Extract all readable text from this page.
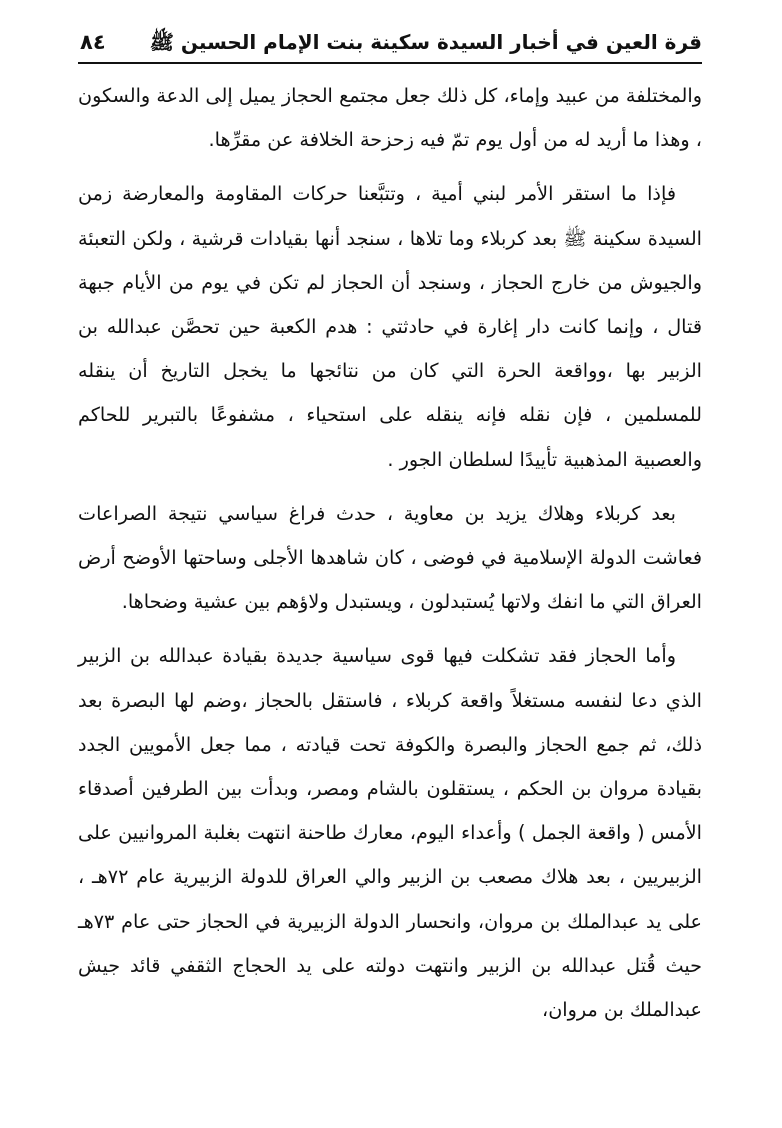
قرة العين في أخبار السيدة سكينة بنت الإمام الحسين ﷺ
٨٤

والمختلفة من عبيد وإماء، كل ذلك جعل مجتمع الحجاز يميل إلى الدعة والسكون ، وهذا ما أريد له من أول يوم تمّ فيه زحزحة الخلافة عن مقرِّها.

فإذا ما استقر الأمر لبني أمية ، وتتبَّعنا حركات المقاومة والمعارضة زمن السيدة سكينة ﷺ بعد كربلاء وما تلاها ، سنجد أنها بقيادات قرشية ، ولكن التعبئة والجيوش من خارج الحجاز ، وسنجد أن الحجاز لم تكن في يوم من الأيام جبهة قتال ، وإنما كانت دار إغارة في حادثتي : هدم الكعبة حين تحصَّن عبدالله بن الزبير بها ،وواقعة الحرة التي كان من نتائجها ما يخجل التاريخ أن ينقله للمسلمين ، فإن نقله فإنه ينقله على استحياء ، مشفوعًا بالتبرير للحاكم والعصبية المذهبية تأييدًا لسلطان الجور .

بعد كربلاء وهلاك يزيد بن معاوية ، حدث فراغ سياسي نتيجة الصراعات فعاشت الدولة الإسلامية في فوضى ، كان شاهدها الأجلى وساحتها الأوضح أرض العراق التي ما انفك ولاتها يُستبدلون ، ويستبدل ولاؤهم بين عشية وضحاها.

وأما الحجاز فقد تشكلت فيها قوى سياسية جديدة بقيادة عبدالله بن الزبير الذي دعا لنفسه مستغلاً واقعة كربلاء ، فاستقل بالحجاز ،وضم لها البصرة بعد ذلك، ثم جمع الحجاز والبصرة والكوفة تحت قيادته ، مما جعل الأمويين الجدد بقيادة مروان بن الحكم ، يستقلون بالشام ومصر، وبدأت بين الطرفين أصدقاء الأمس ( واقعة الجمل ) وأعداء اليوم، معارك طاحنة انتهت بغلبة المروانيين على الزبيريين ، بعد هلاك مصعب بن الزبير والي العراق للدولة الزبيرية عام ٧٢هـ ، على يد عبدالملك بن مروان، وانحسار الدولة الزبيرية في الحجاز حتى عام ٧٣هـ حيث قُتل عبدالله بن الزبير وانتهت دولته على يد الحجاج الثقفي قائد جيش عبدالملك بن مروان،
